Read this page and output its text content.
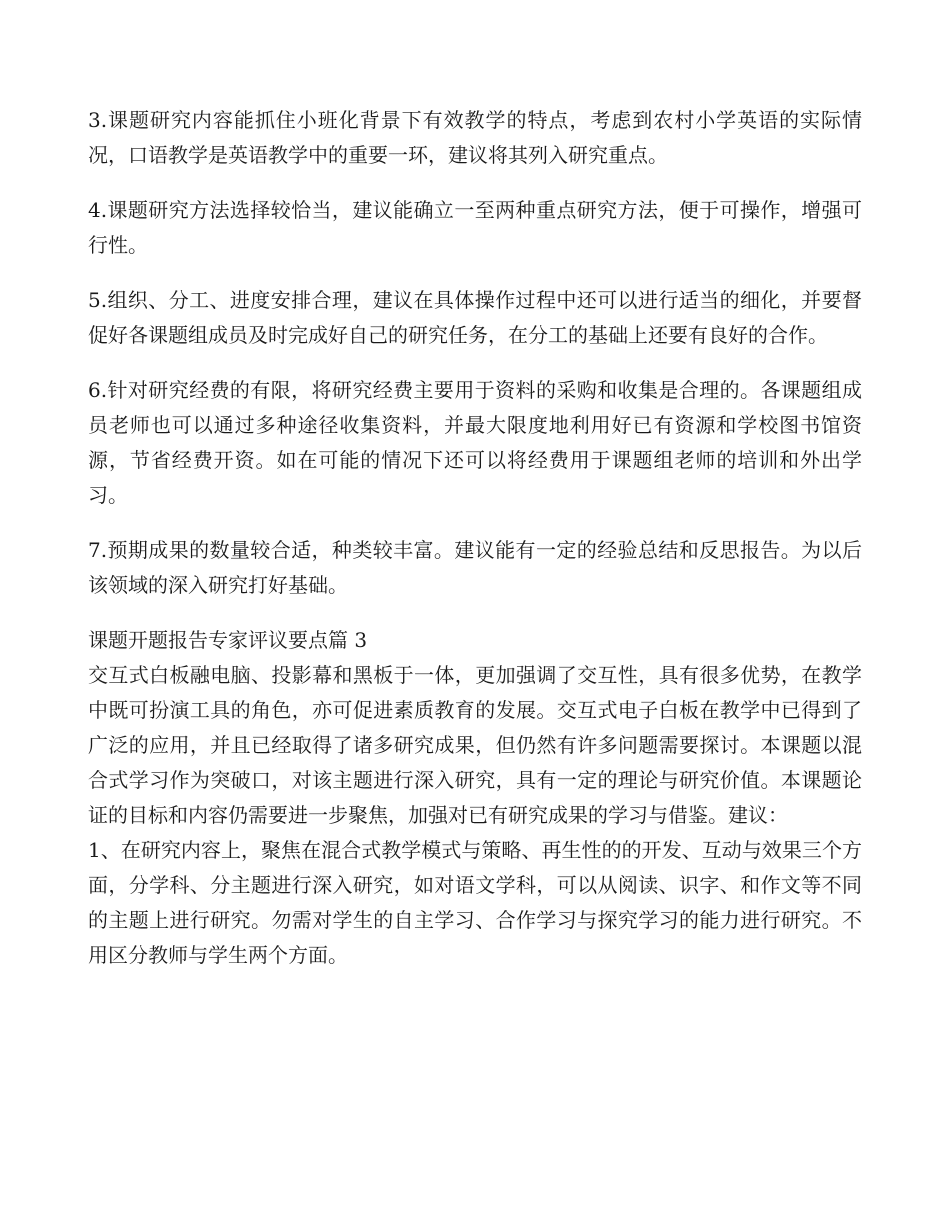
3.课题研究内容能抓住小班化背景下有效教学的特点，考虑到农村小学英语的实际情况，口语教学是英语教学中的重要一环，建议将其列入研究重点。

4.课题研究方法选择较恰当，建议能确立一至两种重点研究方法，便于可操作，增强可行性。

5.组织、分工、进度安排合理，建议在具体操作过程中还可以进行适当的细化，并要督促好各课题组成员及时完成好自己的研究任务，在分工的基础上还要有良好的合作。

6.针对研究经费的有限，将研究经费主要用于资料的采购和收集是合理的。各课题组成员老师也可以通过多种途径收集资料，并最大限度地利用好已有资源和学校图书馆资源，节省经费开资。如在可能的情况下还可以将经费用于课题组老师的培训和外出学习。

7.预期成果的数量较合适，种类较丰富。建议能有一定的经验总结和反思报告。为以后该领域的深入研究打好基础。

课题开题报告专家评议要点篇 3

交互式白板融电脑、投影幕和黑板于一体，更加强调了交互性，具有很多优势，在教学中既可扮演工具的角色，亦可促进素质教育的发展。交互式电子白板在教学中已得到了广泛的应用，并且已经取得了诸多研究成果，但仍然有许多问题需要探讨。本课题以混合式学习作为突破口，对该主题进行深入研究，具有一定的理论与研究价值。本课题论证的目标和内容仍需要进一步聚焦，加强对已有研究成果的学习与借鉴。建议：

1、在研究内容上，聚焦在混合式教学模式与策略、再生性的的开发、互动与效果三个方面，分学科、分主题进行深入研究，如对语文学科，可以从阅读、识字、和作文等不同的主题上进行研究。勿需对学生的自主学习、合作学习与探究学习的能力进行研究。不用区分教师与学生两个方面。
